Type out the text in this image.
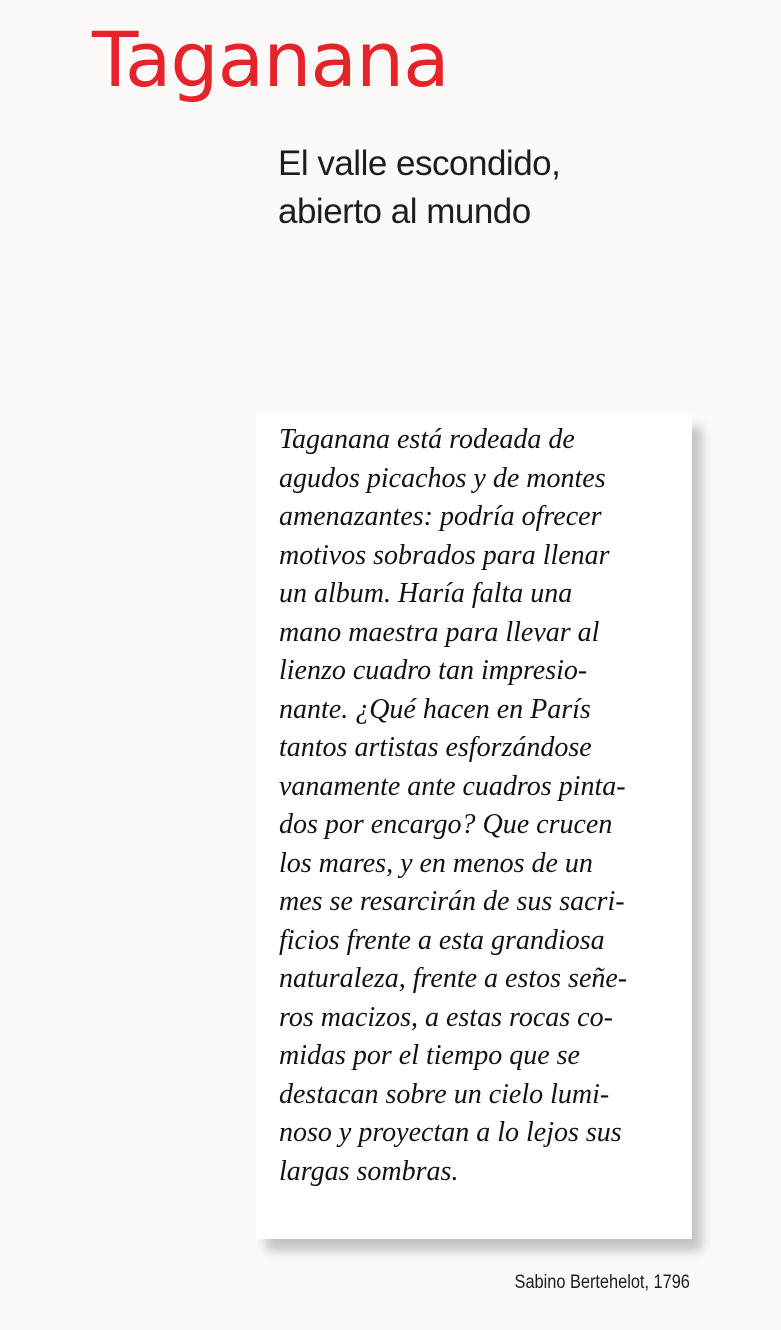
Taganana
El valle escondido,
abierto al mundo
Taganana está rodeada de
agudos picachos y de montes
amenazantes: podría ofrecer
motivos sobrados para llenar
un album. Haría falta una
mano maestra para llevar al
lienzo cuadro tan impresio-
nante. ¿Qué hacen en París
tantos artistas esforzándose
vanamente ante cuadros pinta-
dos por encargo? Que crucen
los mares, y en menos de un
mes se resarcirán de sus sacri-
ficios frente a esta grandiosa
naturaleza, frente a estos señe-
ros macizos, a estas rocas co-
midas por el tiempo que se
destacan sobre un cielo lumi-
noso y proyectan a lo lejos sus
largas sombras.
Sabino Bertehelot, 1796
